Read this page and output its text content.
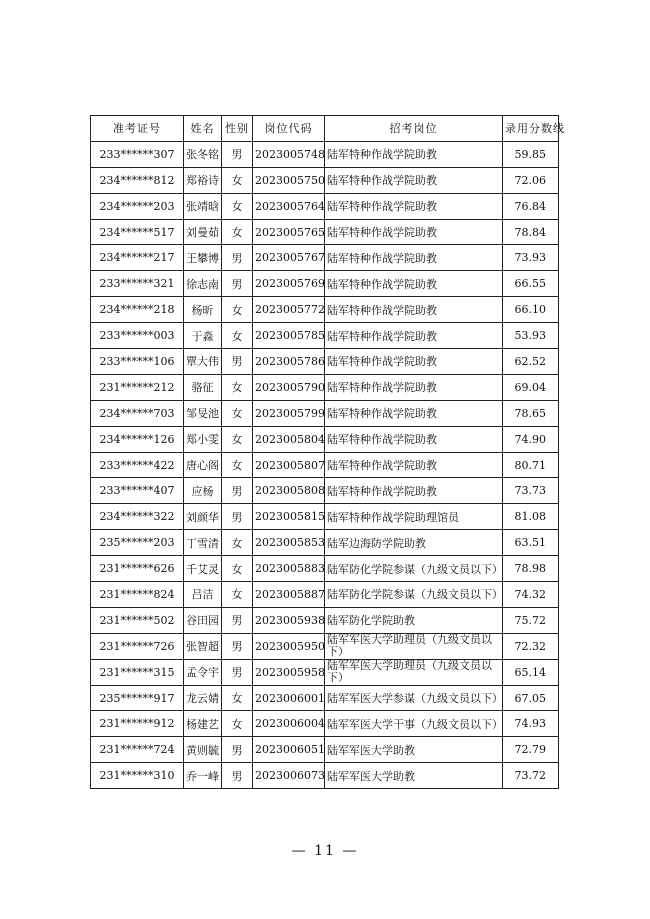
准考证号	姓名	性别	岗位代码	招考岗位	录用分数线
233******307	张冬铭	男	2023005748	陆军特种作战学院助教	59.85
234******812	郑裕诗	女	2023005750	陆军特种作战学院助教	72.06
234******203	张靖晗	女	2023005764	陆军特种作战学院助教	76.84
234******517	刘曼茹	女	2023005765	陆军特种作战学院助教	78.84
234******217	王攀博	男	2023005767	陆军特种作战学院助教	73.93
233******321	徐志南	男	2023005769	陆军特种作战学院助教	66.55
234******218	杨昕	女	2023005772	陆军特种作战学院助教	66.10
233******003	于淼	女	2023005785	陆军特种作战学院助教	53.93
233******106	覃大伟	男	2023005786	陆军特种作战学院助教	62.52
231******212	骆征	女	2023005790	陆军特种作战学院助教	69.04
234******703	邹旻池	女	2023005799	陆军特种作战学院助教	78.65
234******126	郑小雯	女	2023005804	陆军特种作战学院助教	74.90
233******422	唐心阁	女	2023005807	陆军特种作战学院助教	80.71
233******407	应杨	男	2023005808	陆军特种作战学院助教	73.73
234******322	刘颜华	男	2023005815	陆军特种作战学院助理馆员	81.08
235******203	丁雪清	女	2023005853	陆军边海防学院助教	63.51
231******626	千艾灵	女	2023005883	陆军防化学院参谋（九级文员以下）	78.98
231******824	吕洁	女	2023005887	陆军防化学院参谋（九级文员以下）	74.32
231******502	谷田园	男	2023005938	陆军防化学院助教	75.72
231******726	张智超	男	2023005950	陆军军医大学助理员（九级文员以下）	72.32
231******315	孟令宇	男	2023005958	陆军军医大学助理员（九级文员以下）	65.14
235******917	龙云婧	女	2023006001	陆军军医大学参谋（九级文员以下）	67.05
231******912	杨建艺	女	2023006004	陆军军医大学干事（九级文员以下）	74.93
231******724	黄则毓	男	2023006051	陆军军医大学助教	72.79
231******310	乔一峰	男	2023006073	陆军军医大学助教	73.72
— 11 —
